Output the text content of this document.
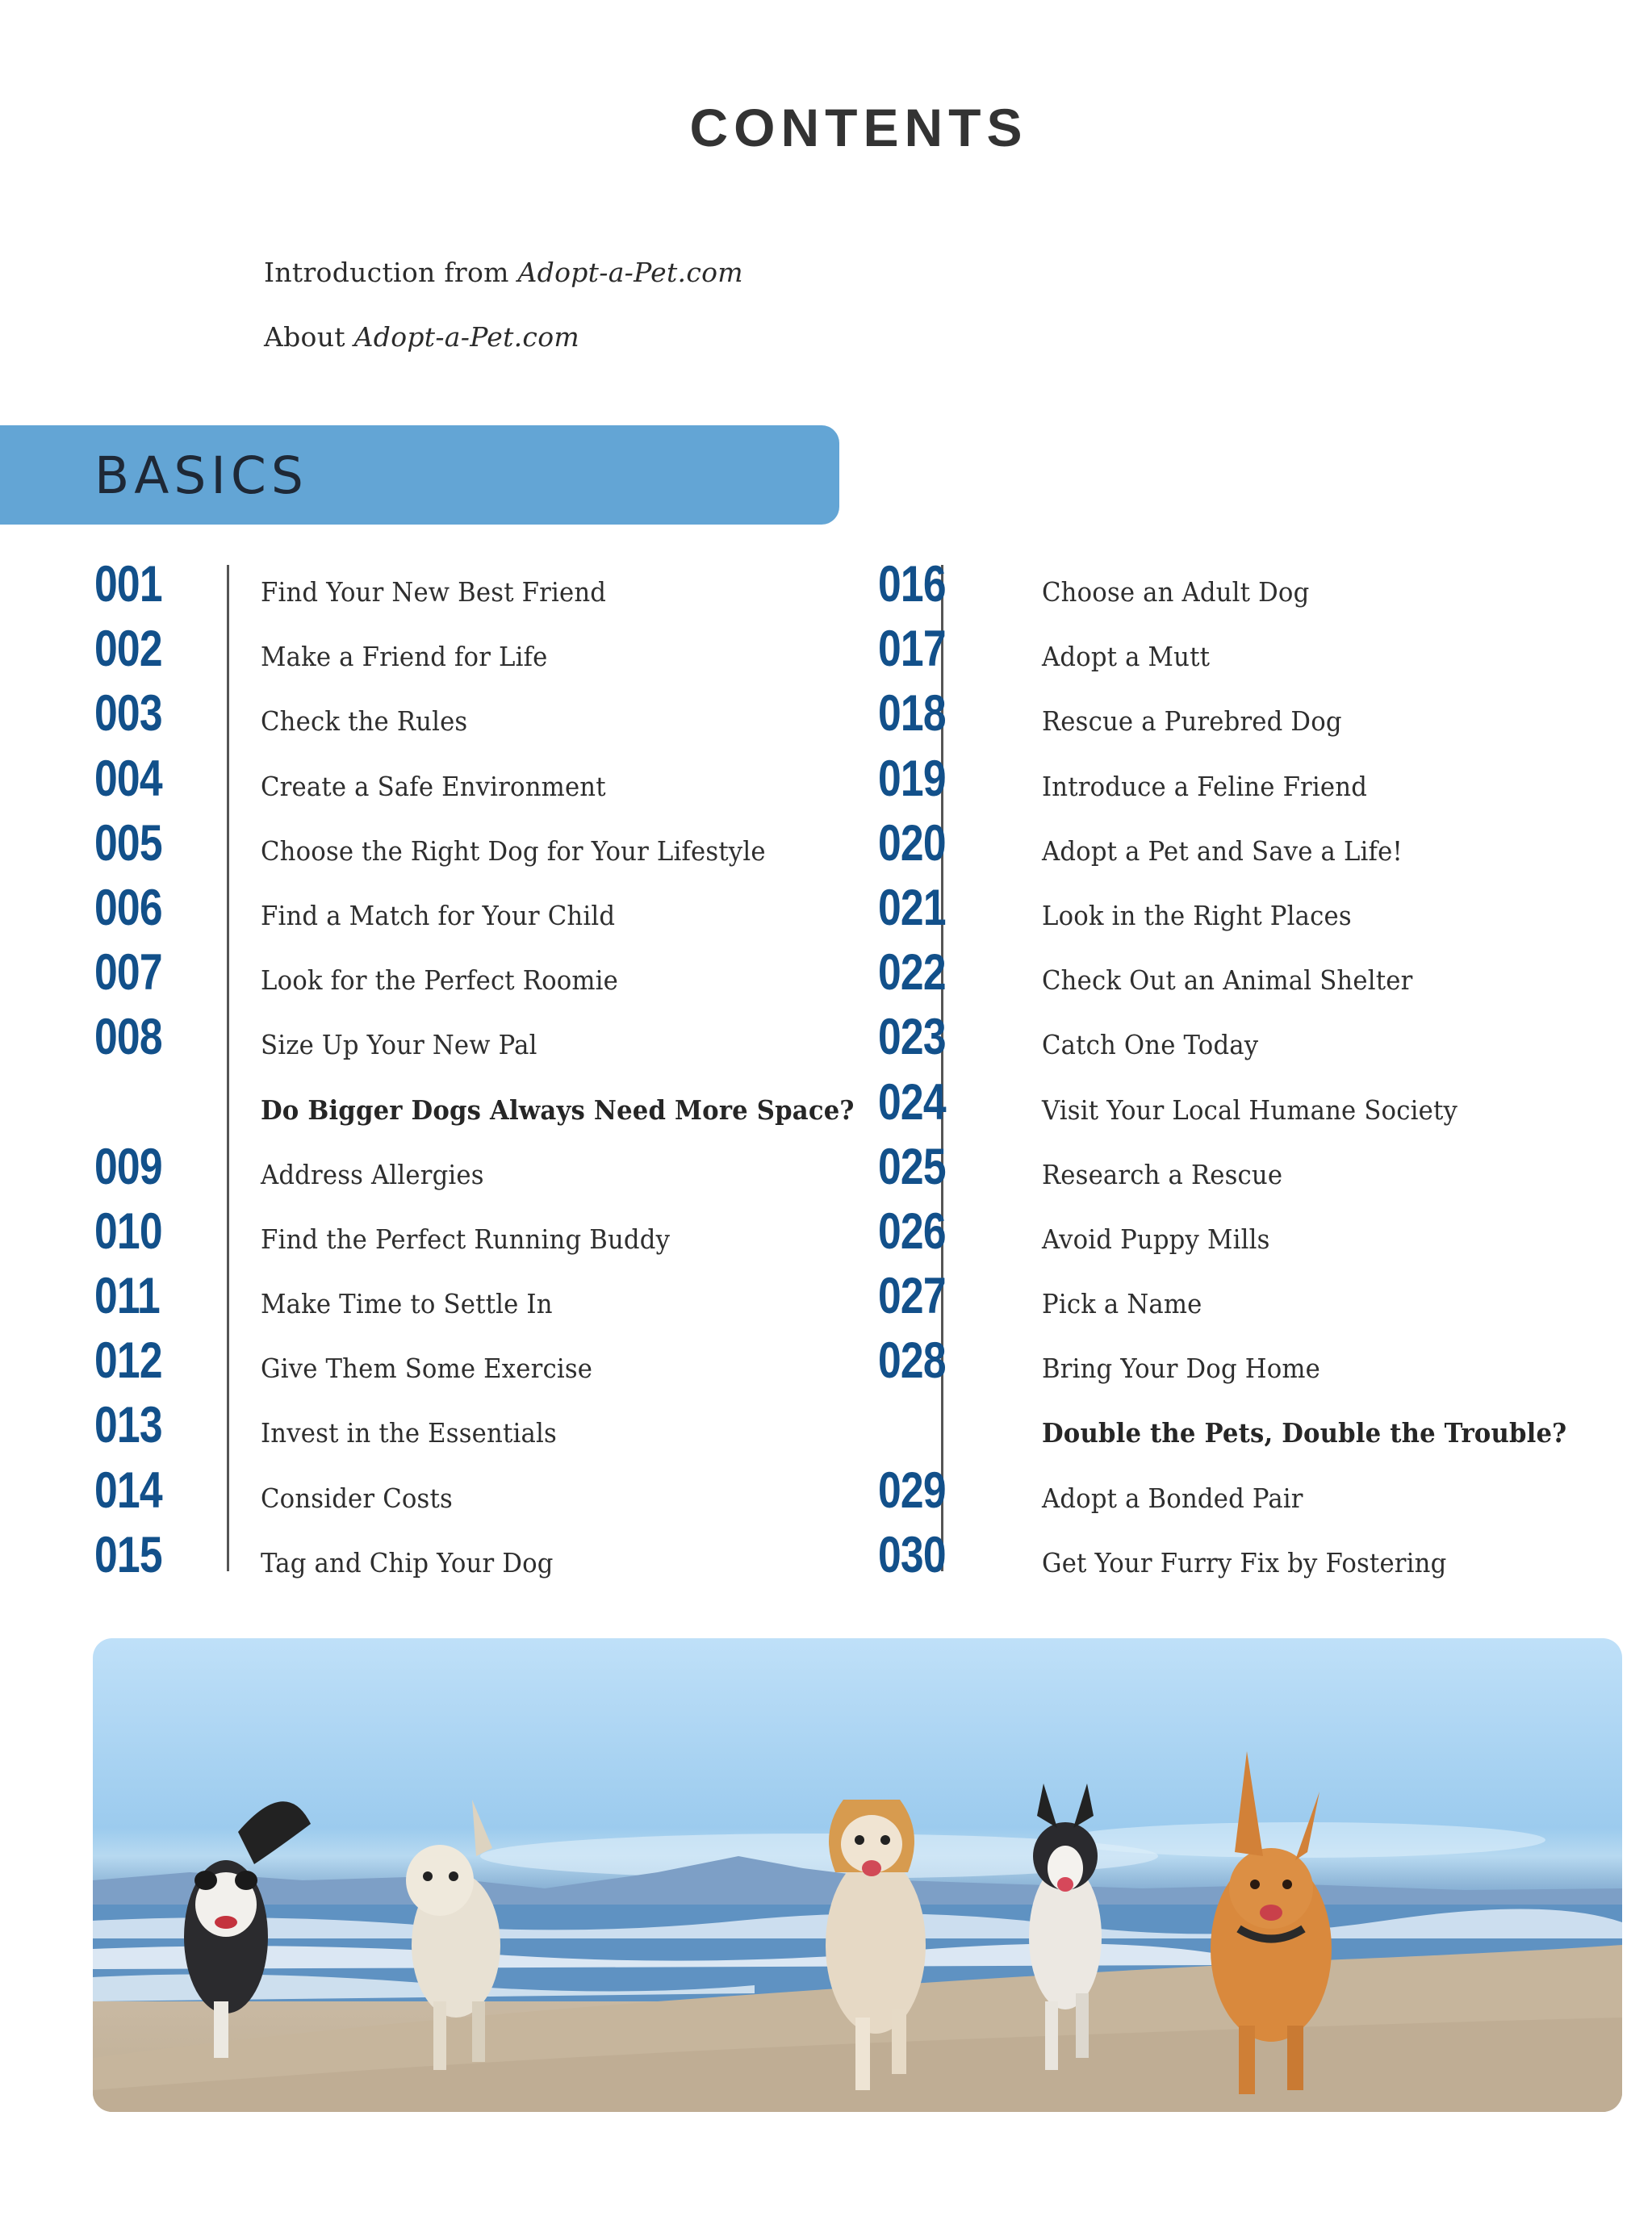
CONTENTS
Introduction from Adopt-a-Pet.com
About Adopt-a-Pet.com
BASICS
001	Find Your New Best Friend
002	Make a Friend for Life
003	Check the Rules
004	Create a Safe Environment
005	Choose the Right Dog for Your Lifestyle
006	Find a Match for Your Child
007	Look for the Perfect Roomie
008	Size Up Your New Pal
Do Bigger Dogs Always Need More Space?
009	Address Allergies
010	Find the Perfect Running Buddy
011	Make Time to Settle In
012	Give Them Some Exercise
013	Invest in the Essentials
014	Consider Costs
015	Tag and Chip Your Dog
016	Choose an Adult Dog
017	Adopt a Mutt
018	Rescue a Purebred Dog
019	Introduce a Feline Friend
020	Adopt a Pet and Save a Life!
021	Look in the Right Places
022	Check Out an Animal Shelter
023	Catch One Today
024	Visit Your Local Humane Society
025	Research a Rescue
026	Avoid Puppy Mills
027	Pick a Name
028	Bring Your Dog Home
Double the Pets, Double the Trouble?
029	Adopt a Bonded Pair
030	Get Your Furry Fix by Fostering
